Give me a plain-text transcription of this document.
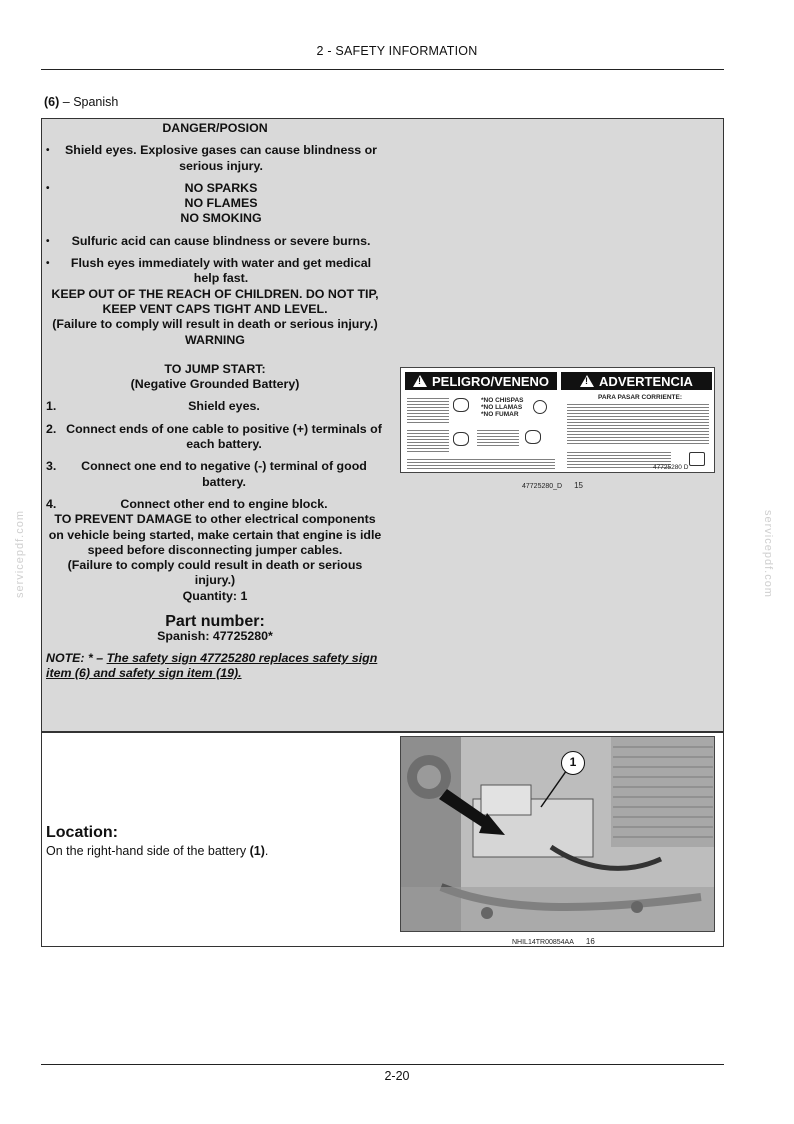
2 - SAFETY INFORMATION
(6) – Spanish
servicepdf.com	servicepdf.com
DANGER/POSION
•	Shield eyes. Explosive gases can cause blindness or serious injury.
•	NO SPARKS
NO FLAMES
NO SMOKING
•	Sulfuric acid can cause blindness or severe burns.
•	Flush eyes immediately with water and get medical help fast.
KEEP OUT OF THE REACH OF CHILDREN. DO NOT TIP, KEEP VENT CAPS TIGHT AND LEVEL.
(Failure to comply will result in death or serious injury.)
WARNING
TO JUMP START:
(Negative Grounded Battery)
1.	Shield eyes.
2. Connect ends of one cable to positive (+) terminals of each battery.
3.	Connect one end to negative (-) terminal of good battery.
4.	Connect other end to engine block.
TO PREVENT DAMAGE to other electrical components on vehicle being started, make certain that engine is idle speed before disconnecting jumper cables.
(Failure to comply could result in death or serious injury.)
Quantity: 1
Part number:
Spanish: 47725280*
NOTE: * – The safety sign 47725280 replaces safety sign item (6) and safety sign item (19).
!
PELIGRO/VENENO
!	ADVERTENCIA
*NO CHISPAS
*NO LLAMAS
*NO FUMAR
PARA PASAR CORRIENTE:
47725280 D
47725280_D 15
Location:
On the right-hand side of the battery (1).
1
NHIL14TR00854AA 16
2-20
